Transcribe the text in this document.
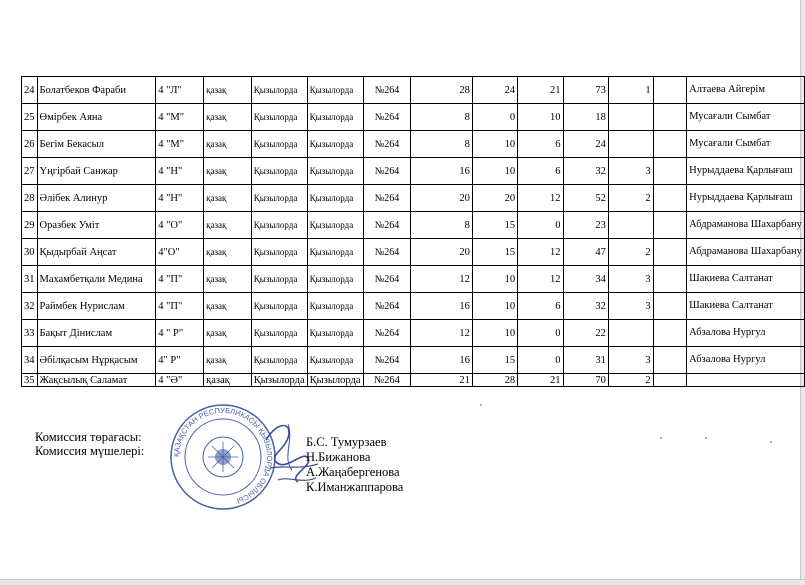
24	Болатбеков Фараби	4 "Л"	қазақ	Қызылорда	Қызылорда	№264	28	24	21	73	1		Алтаева Айгерім
25	Өмірбек Аяна	4 "М"	қазақ	Қызылорда	Қызылорда	№264	8	0	10	18			Мусағали Сымбат
26	Бегім Бекасыл	4 "М"	қазақ	Қызылорда	Қызылорда	№264	8	10	6	24			Мусағали Сымбат
27	Үңгірбай Санжар	4 "Н"	қазақ	Қызылорда	Қызылорда	№264	16	10	6	32	3		Нурыддаева Қарлығаш
28	Әлібек Алинур	4 "Н"	қазақ	Қызылорда	Қызылорда	№264	20	20	12	52	2		Нурыддаева Қарлығаш
29	Оразбек Уміт	4 "О"	қазақ	Қызылорда	Қызылорда	№264	8	15	0	23			Абдраманова Шахарбану
30	Қыдырбай Аңсат	4"О"	қазақ	Қызылорда	Қызылорда	№264	20	15	12	47	2		Абдраманова Шахарбану
31	Махамбетқали Медина	4 "П"	қазақ	Қызылорда	Қызылорда	№264	12	10	12	34	3		Шакиева Салтанат
32	Раймбек Нурислам	4 "П"	қазақ	Қызылорда	Қызылорда	№264	16	10	6	32	3		Шакиева Салтанат
33	Бақыт Дінислам	4 " Р"	қазақ	Қызылорда	Қызылорда	№264	12	10	0	22			Абзалова Нургул
34	Әбілқасым Нұрқасым	4" Р"	қазақ	Қызылорда	Қызылорда	№264	16	15	0	31	3		Абзалова Нургул
35	Жақсылық Саламат	4 "Ә"	қазақ	Қызылорда	Қызылорда	№264	21	28	21	70	2		
ҚАЗАҚСТАН РЕСПУБЛИКАСЫ ҚЫЗЫЛОРДА ОБЛЫСЫ
Комиссия төрағасы:
Комиссия мүшелері:
Б.С. Тумурзаев
Н.Бижанова
А.Жаңабергенова
К.Иманжаппарова
